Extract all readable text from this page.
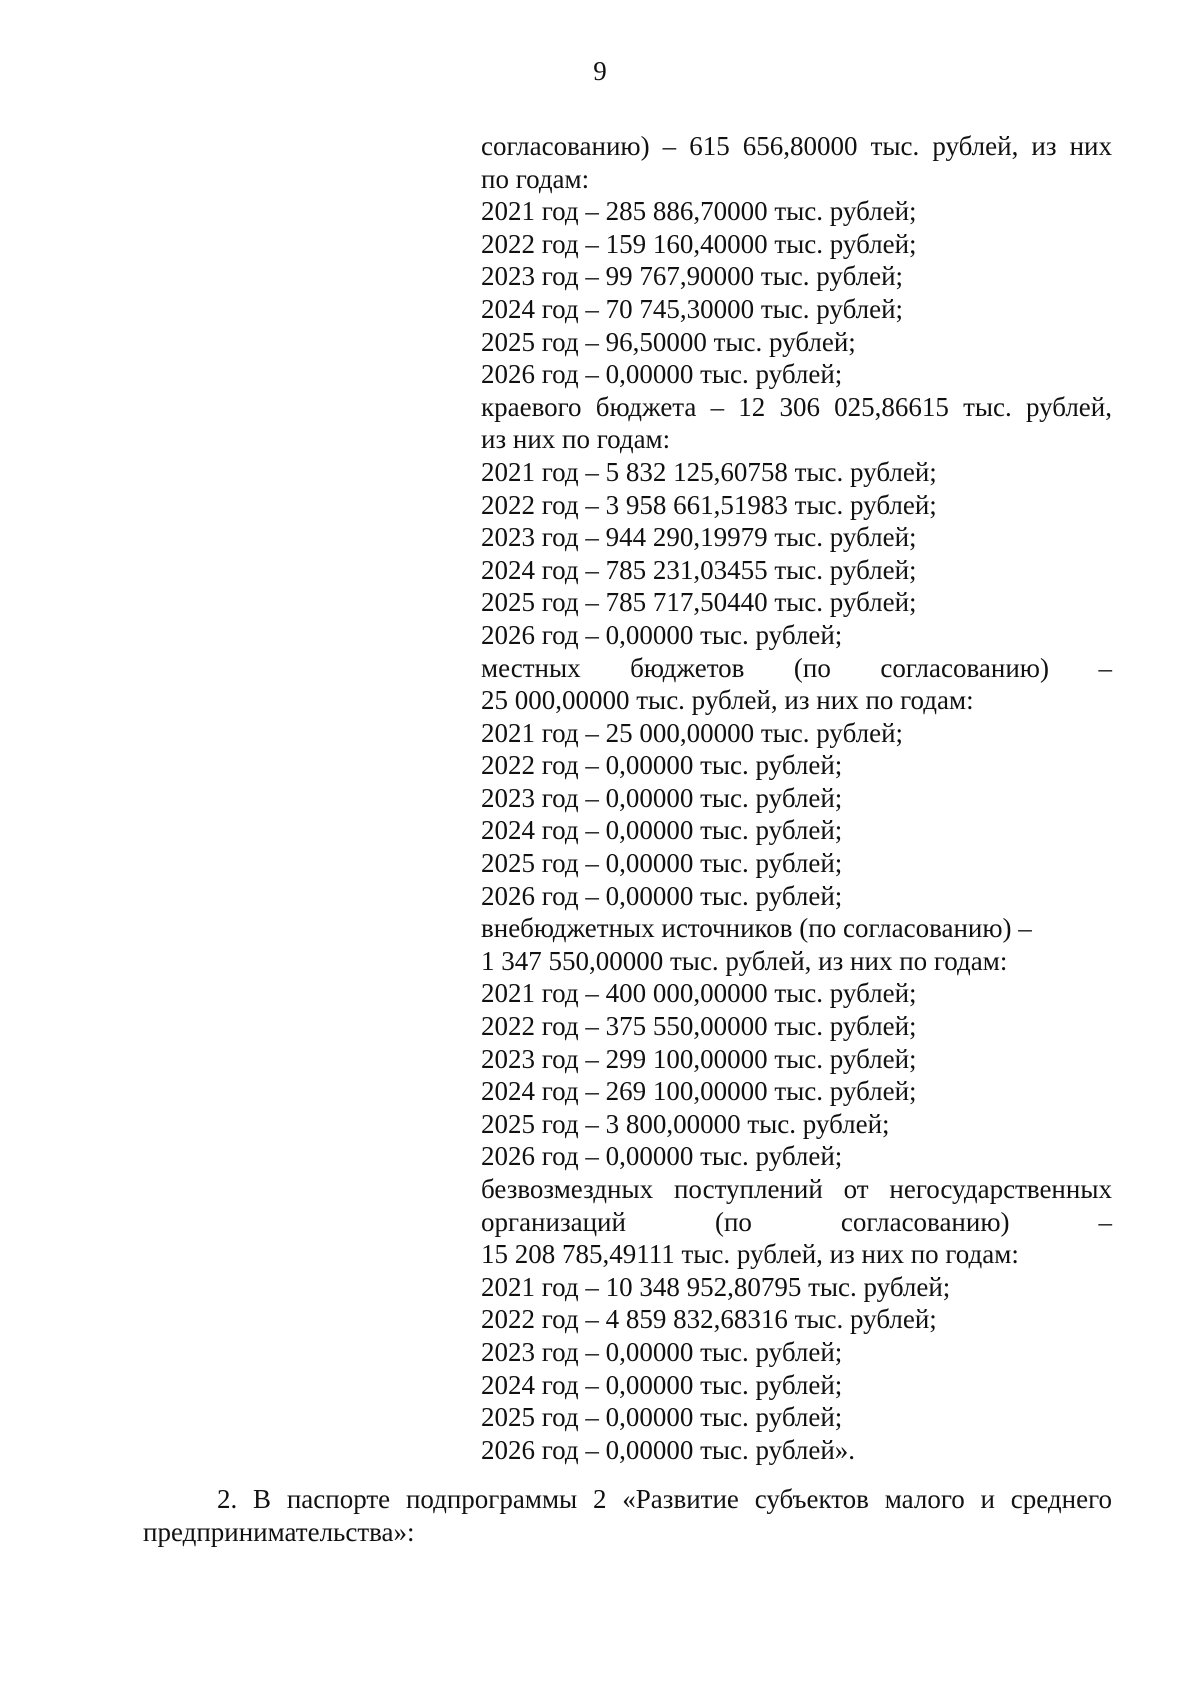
9
согласованию) – 615 656,80000 тыс. рублей, из них
по годам:
2021 год – 285 886,70000 тыс. рублей;
2022 год – 159 160,40000 тыс. рублей;
2023 год – 99 767,90000 тыс. рублей;
2024 год – 70 745,30000 тыс. рублей;
2025 год – 96,50000 тыс. рублей;
2026 год – 0,00000 тыс. рублей;
краевого бюджета – 12 306 025,86615 тыс. рублей,
из них по годам:
2021 год – 5 832 125,60758 тыс. рублей;
2022 год – 3 958 661,51983 тыс. рублей;
2023 год – 944 290,19979 тыс. рублей;
2024 год – 785 231,03455 тыс. рублей;
2025 год – 785 717,50440 тыс. рублей;
2026 год – 0,00000 тыс. рублей;
местных бюджетов (по согласованию) –
25 000,00000 тыс. рублей, из них по годам:
2021 год – 25 000,00000 тыс. рублей;
2022 год – 0,00000 тыс. рублей;
2023 год – 0,00000 тыс. рублей;
2024 год – 0,00000 тыс. рублей;
2025 год – 0,00000 тыс. рублей;
2026 год – 0,00000 тыс. рублей;
внебюджетных источников (по согласованию) –
1 347 550,00000 тыс. рублей, из них по годам:
2021 год – 400 000,00000 тыс. рублей;
2022 год – 375 550,00000 тыс. рублей;
2023 год – 299 100,00000 тыс. рублей;
2024 год – 269 100,00000 тыс. рублей;
2025 год – 3 800,00000 тыс. рублей;
2026 год – 0,00000 тыс. рублей;
безвозмездных поступлений от негосударственных
организаций	(по	согласованию)	–
15 208 785,49111 тыс. рублей, из них по годам:
2021 год – 10 348 952,80795 тыс. рублей;
2022 год – 4 859 832,68316 тыс. рублей;
2023 год – 0,00000 тыс. рублей;
2024 год – 0,00000 тыс. рублей;
2025 год – 0,00000 тыс. рублей;
2026 год – 0,00000 тыс. рублей».
2. В паспорте подпрограммы 2 «Развитие субъектов малого и среднего
предпринимательства»:
